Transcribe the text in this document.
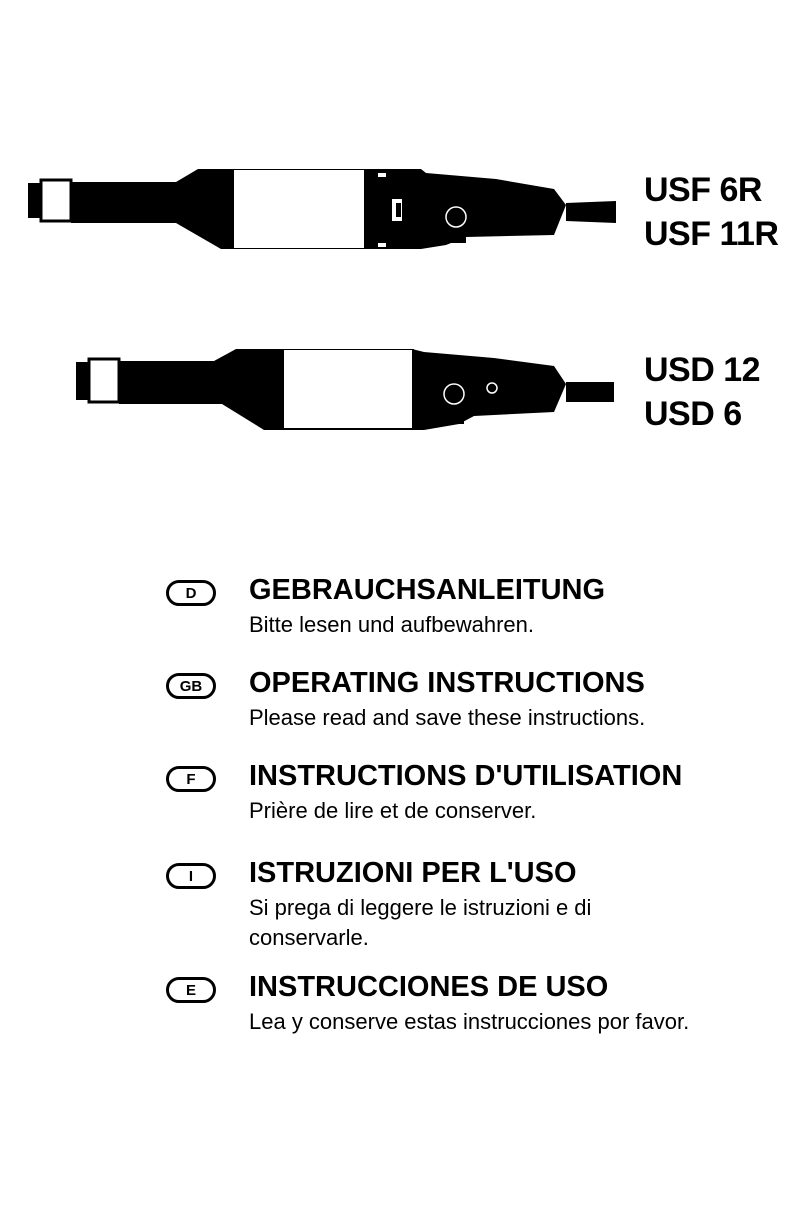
USF 6R
USF 11R
USD 12
USD 6
D	GEBRAUCHSANLEITUNG
Bitte lesen und aufbewahren.
GB	OPERATING INSTRUCTIONS
Please read and save these instructions.
F	INSTRUCTIONS D'UTILISATION
Prière de lire et de conserver.
I	ISTRUZIONI PER L'USO
Si prega di leggere le istruzioni e di conservarle.
E	INSTRUCCIONES DE USO
Lea y conserve estas instrucciones por favor.
